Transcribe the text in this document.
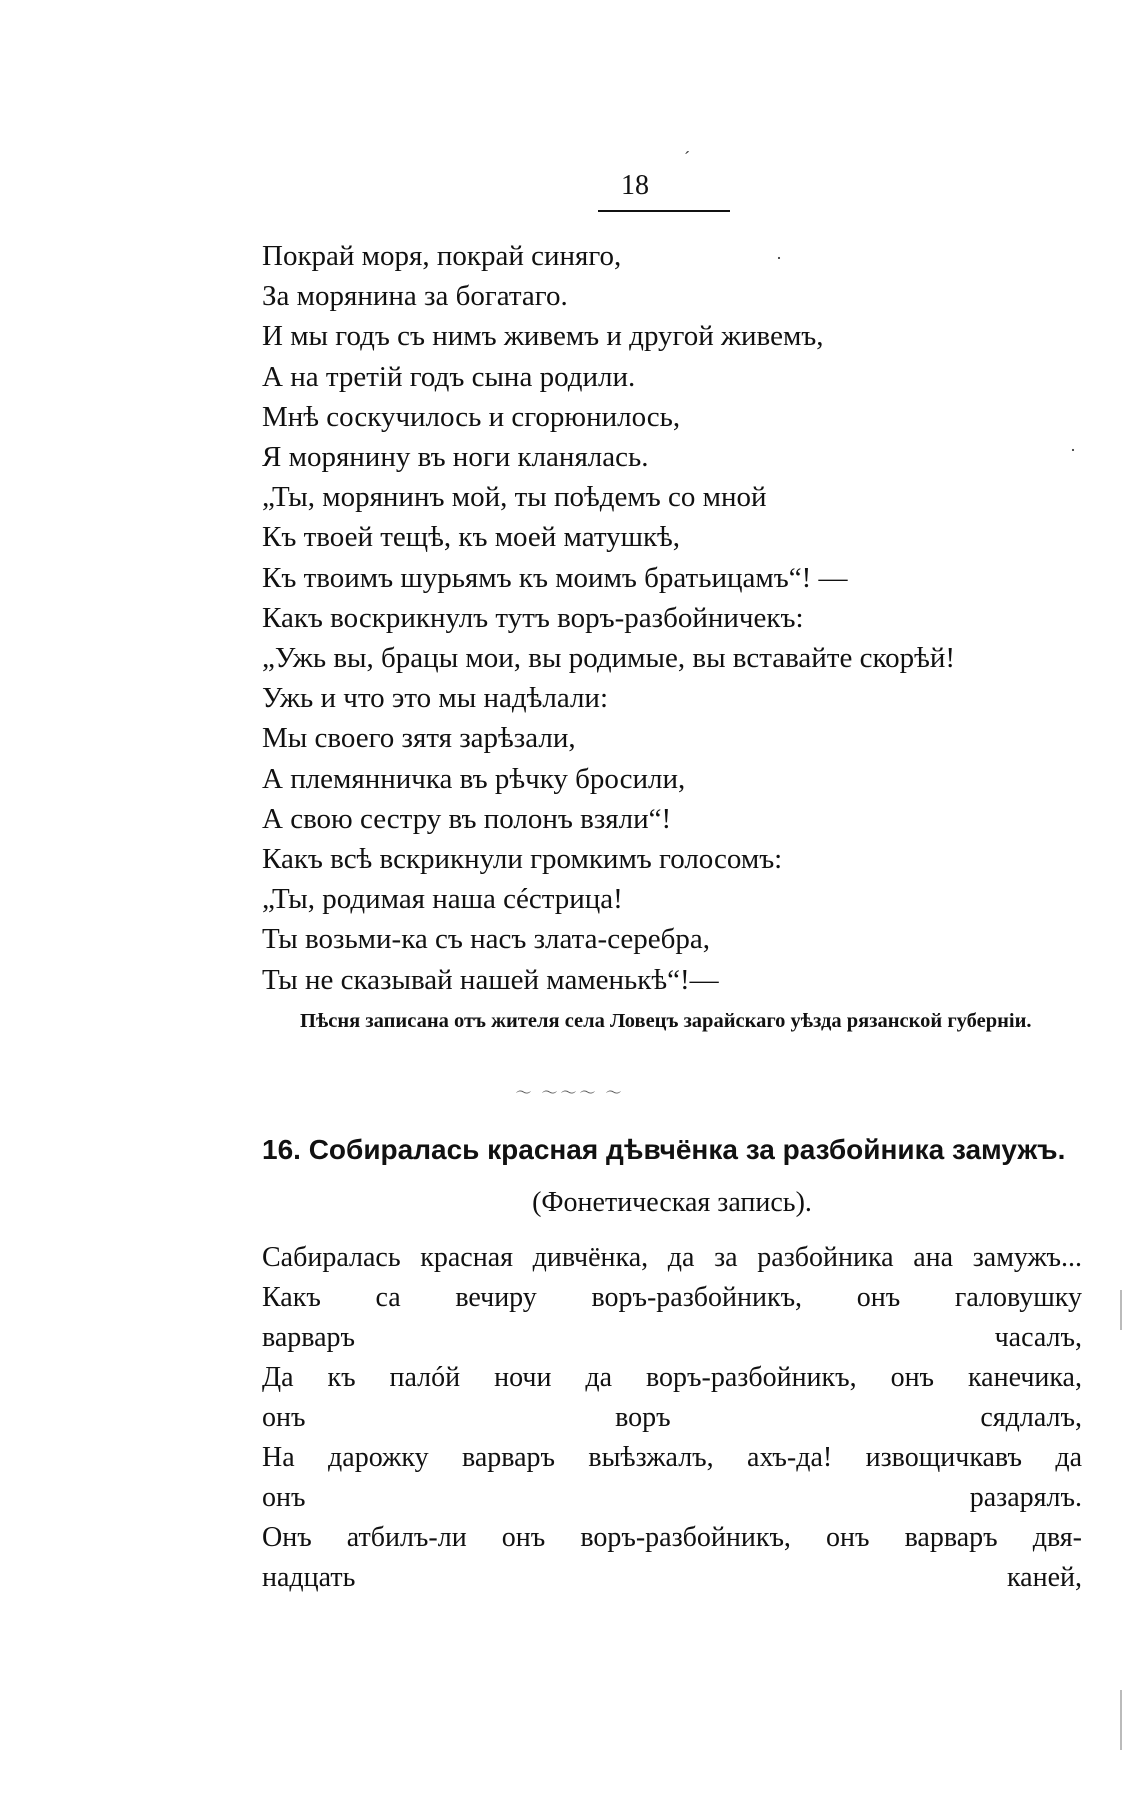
18
Покрай моря, покрай синяго,
За морянина за богатаго.
И мы годъ съ нимъ живемъ и другой живемъ,
А на третій годъ сына родили.
Мнѣ соскучилось и сгорюнилось,
Я морянину въ ноги кланялась.
„Ты, морянинъ мой, ты поѣдемъ со мной
Къ твоей тещѣ, къ моей матушкѣ,
Къ твоимъ шурьямъ къ моимъ братьицамъ“! —
Какъ воскрикнулъ тутъ воръ-разбойничекъ:
„Ужь вы, брацы мои, вы родимые, вы вставайте скорѣй!
Ужь и что это мы надѣлали:
Мы своего зятя зарѣзали,
А племянничка въ рѣчку бросили,
А свою сестру въ полонъ взяли“!
Какъ всѣ вскрикнули громкимъ голосомъ:
„Ты, родимая наша сéстрица!
Ты возьми-ка съ насъ злата-серебра,
Ты не сказывай нашей маменькѣ“!—
Пѣсня записана отъ жителя села Ловецъ зарайскаго уѣзда рязанской губерніи.
～ ～～～ ～
16. Собиралась красная дѣвчёнка за разбойника замужъ.
(Фонетическая запись).
Сабиралась красная дивчёнка, да за разбойника ана замужъ...
Какъ са вечиру воръ-разбойникъ, онъ галовушку
варваръ часалъ,
Да къ палóй ночи да воръ-разбойникъ, онъ канечика,
онъ воръ сядлалъ,
На дарожку варваръ выѣзжалъ, ахъ-да! извощичкавъ да
онъ разарялъ.
Онъ атбилъ-ли онъ воръ-разбойникъ, онъ варваръ двя-
надцать каней,
ˊ
·
·
